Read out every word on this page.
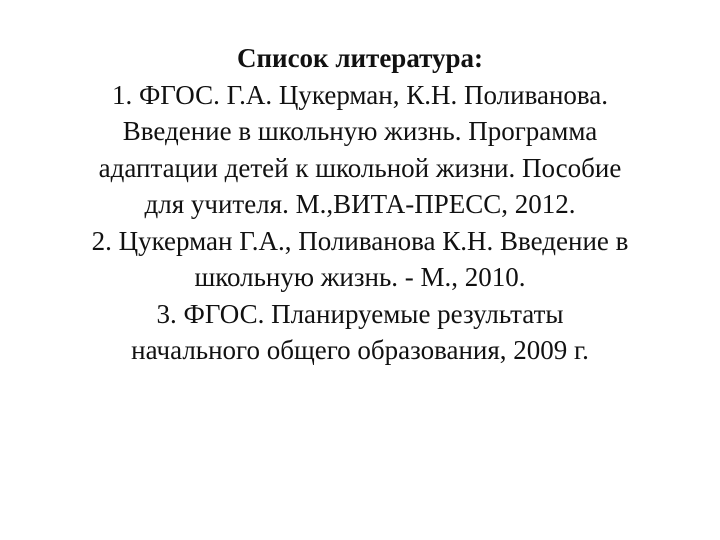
Список литература:
1. ФГОС. Г.А. Цукерман, К.Н. Поливанова.
Введение в школьную жизнь. Программа
адаптации детей к школьной жизни. Пособие
для учителя. М.,ВИТА-ПРЕСС, 2012.
2. Цукерман Г.А., Поливанова К.Н. Введение в
школьную жизнь. - М., 2010.
3. ФГОС. Планируемые результаты
начального общего образования, 2009 г.
